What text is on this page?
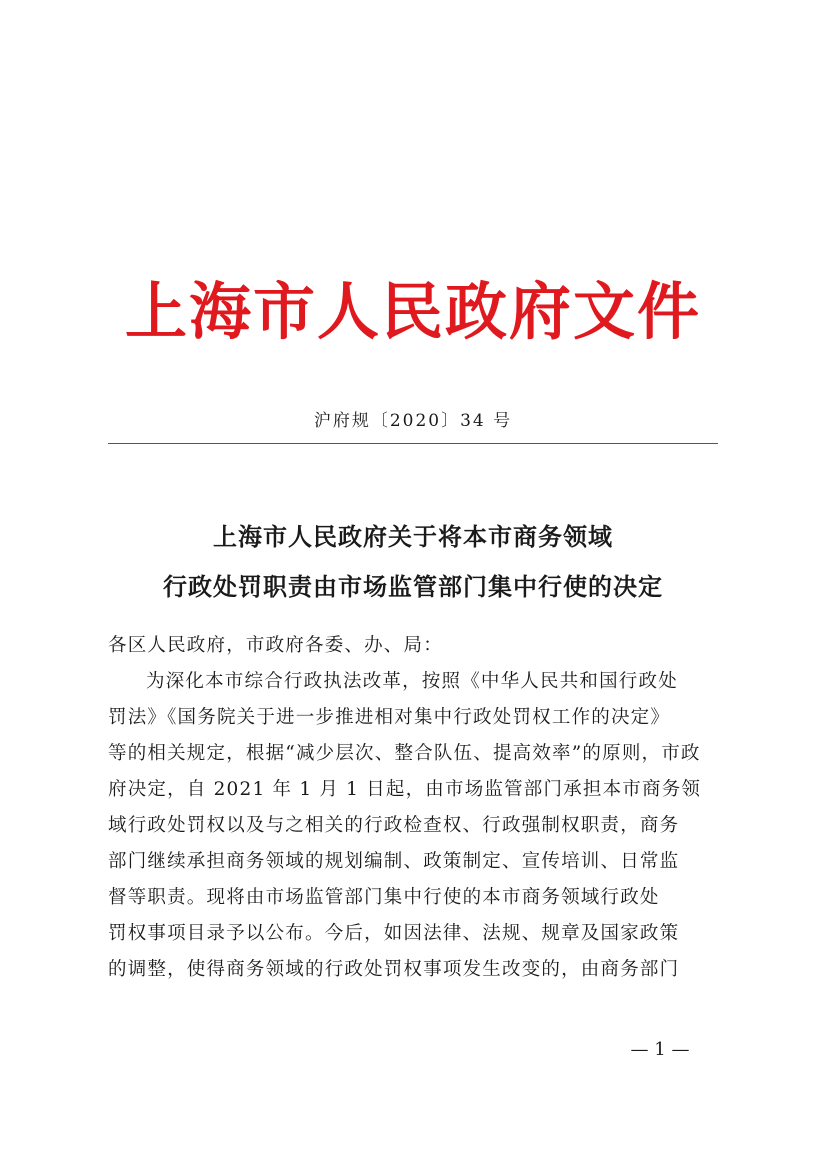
上海市人民政府文件
沪府规〔2020〕34 号
上海市人民政府关于将本市商务领域
行政处罚职责由市场监管部门集中行使的决定
各区人民政府，市政府各委、办、局：
为深化本市综合行政执法改革，按照《中华人民共和国行政处
罚法》《国务院关于进一步推进相对集中行政处罚权工作的决定》
等的相关规定，根据“减少层次、整合队伍、提高效率”的原则，市政
府决定，自 2021 年 1 月 1 日起，由市场监管部门承担本市商务领
域行政处罚权以及与之相关的行政检查权、行政强制权职责，商务
部门继续承担商务领域的规划编制、政策制定、宣传培训、日常监
督等职责。现将由市场监管部门集中行使的本市商务领域行政处
罚权事项目录予以公布。今后，如因法律、法规、规章及国家政策
的调整，使得商务领域的行政处罚权事项发生改变的，由商务部门
— 1 —
